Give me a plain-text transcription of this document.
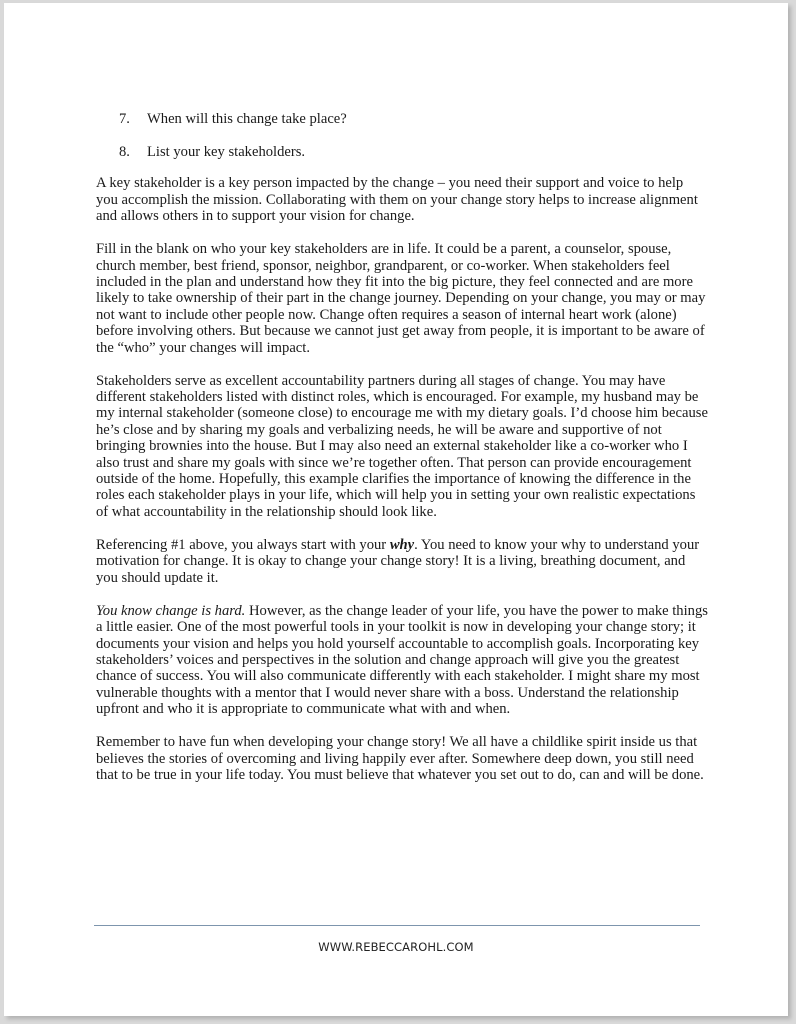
7.	When will this change take place?
8.	List your key stakeholders.

A key stakeholder is a key person impacted by the change – you need their support and voice to help you accomplish the mission. Collaborating with them on your change story helps to increase alignment and allows others in to support your vision for change.

Fill in the blank on who your key stakeholders are in life. It could be a parent, a counselor, spouse, church member, best friend, sponsor, neighbor, grandparent, or co-worker. When stakeholders feel included in the plan and understand how they fit into the big picture, they feel connected and are more likely to take ownership of their part in the change journey. Depending on your change, you may or may not want to include other people now. Change often requires a season of internal heart work (alone) before involving others. But because we cannot just get away from people, it is important to be aware of the “who” your changes will impact.

Stakeholders serve as excellent accountability partners during all stages of change. You may have different stakeholders listed with distinct roles, which is encouraged. For example, my husband may be my internal stakeholder (someone close) to encourage me with my dietary goals. I’d choose him because he’s close and by sharing my goals and verbalizing needs, he will be aware and supportive of not bringing brownies into the house. But I may also need an external stakeholder like a co-worker who I also trust and share my goals with since we’re together often. That person can provide encouragement outside of the home. Hopefully, this example clarifies the importance of knowing the difference in the roles each stakeholder plays in your life, which will help you in setting your own realistic expectations of what accountability in the relationship should look like.

Referencing #1 above, you always start with your why. You need to know your why to understand your motivation for change. It is okay to change your change story! It is a living, breathing document, and you should update it.

You know change is hard. However, as the change leader of your life, you have the power to make things a little easier. One of the most powerful tools in your toolkit is now in developing your change story; it documents your vision and helps you hold yourself accountable to accomplish goals. Incorporating key stakeholders’ voices and perspectives in the solution and change approach will give you the greatest chance of success. You will also communicate differently with each stakeholder. I might share my most vulnerable thoughts with a mentor that I would never share with a boss. Understand the relationship upfront and who it is appropriate to communicate what with and when.

Remember to have fun when developing your change story! We all have a childlike spirit inside us that believes the stories of overcoming and living happily ever after. Somewhere deep down, you still need that to be true in your life today. You must believe that whatever you set out to do, can and will be done.

WWW.REBECCAROHL.COM
